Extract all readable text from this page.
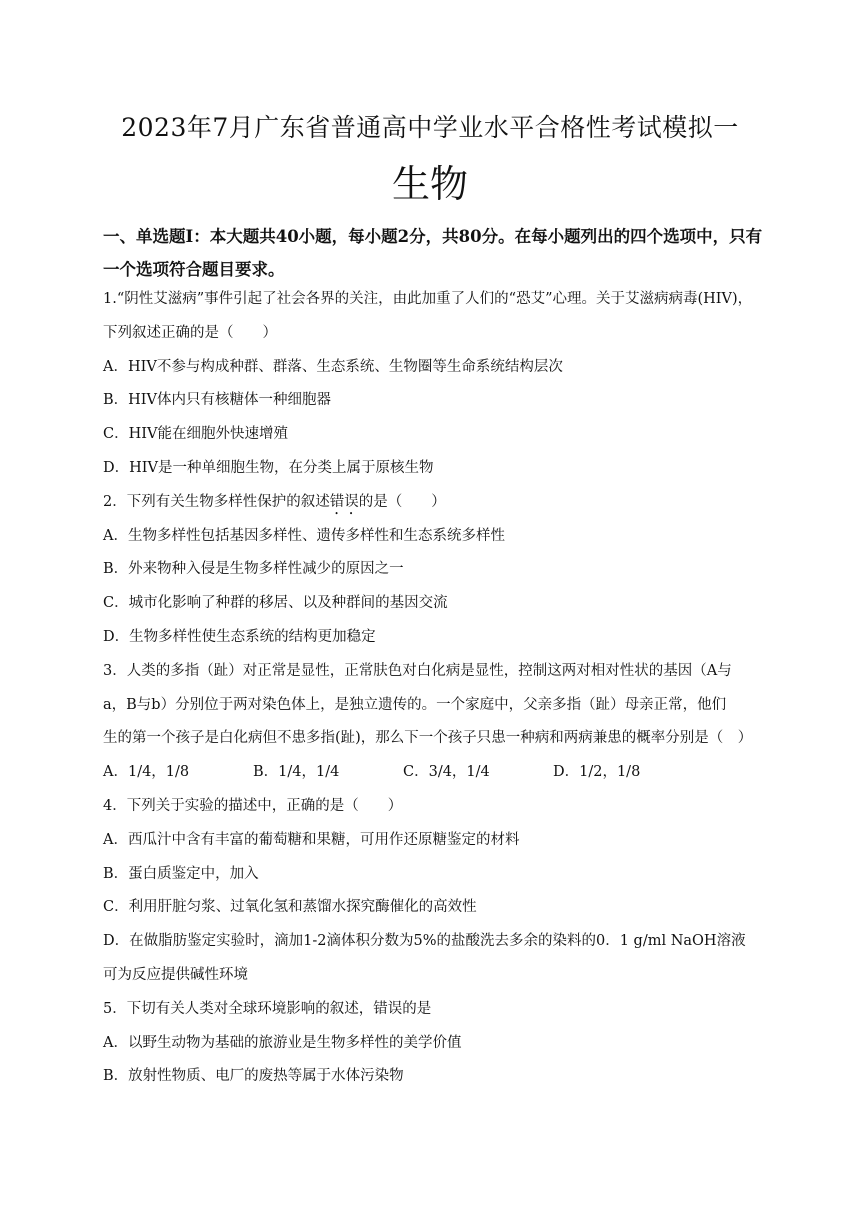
2023年7月广东省普通高中学业水平合格性考试模拟一
生物
一、单选题I：本大题共40小题，每小题2分，共80分。在每小题列出的四个选项中，只有一个选项符合题目要求。
1.“阴性艾滋病”事件引起了社会各界的关注，由此加重了人们的“恐艾”心理。关于艾滋病病毒(HIV)，
下列叙述正确的是（　　）
A．HIV不参与构成种群、群落、生态系统、生物圈等生命系统结构层次
B．HIV体内只有核糖体一种细胞器
C．HIV能在细胞外快速增殖
D．HIV是一种单细胞生物，在分类上属于原核生物
2．下列有关生物多样性保护的叙述错误的是（　　）
A．生物多样性包括基因多样性、遗传多样性和生态系统多样性
B．外来物种入侵是生物多样性减少的原因之一
C．城市化影响了种群的移居、以及种群间的基因交流
D．生物多样性使生态系统的结构更加稳定
3．人类的多指（趾）对正常是显性，正常肤色对白化病是显性，控制这两对相对性状的基因（A与
a，B与b）分别位于两对染色体上，是独立遗传的。一个家庭中，父亲多指（趾）母亲正常，他们
生的第一个孩子是白化病但不患多指(趾)，那么下一个孩子只患一种病和两病兼患的概率分别是（　）
A．1/4，1/8	B．1/4，1/4	C．3/4，1/4	D．1/2，1/8
4．下列关于实验的描述中，正确的是（　　）
A．西瓜汁中含有丰富的葡萄糖和果糖，可用作还原糖鉴定的材料
B．蛋白质鉴定中，加入
C．利用肝脏匀浆、过氧化氢和蒸馏水探究酶催化的高效性
D．在做脂肪鉴定实验时，滴加1-2滴体积分数为5%的盐酸洗去多余的染料的0．1 g/ml NaOH溶液
可为反应提供碱性环境
5．下切有关人类对全球环境影响的叙述，错误的是
A．以野生动物为基础的旅游业是生物多样性的美学价值
B．放射性物质、电厂的废热等属于水体污染物
